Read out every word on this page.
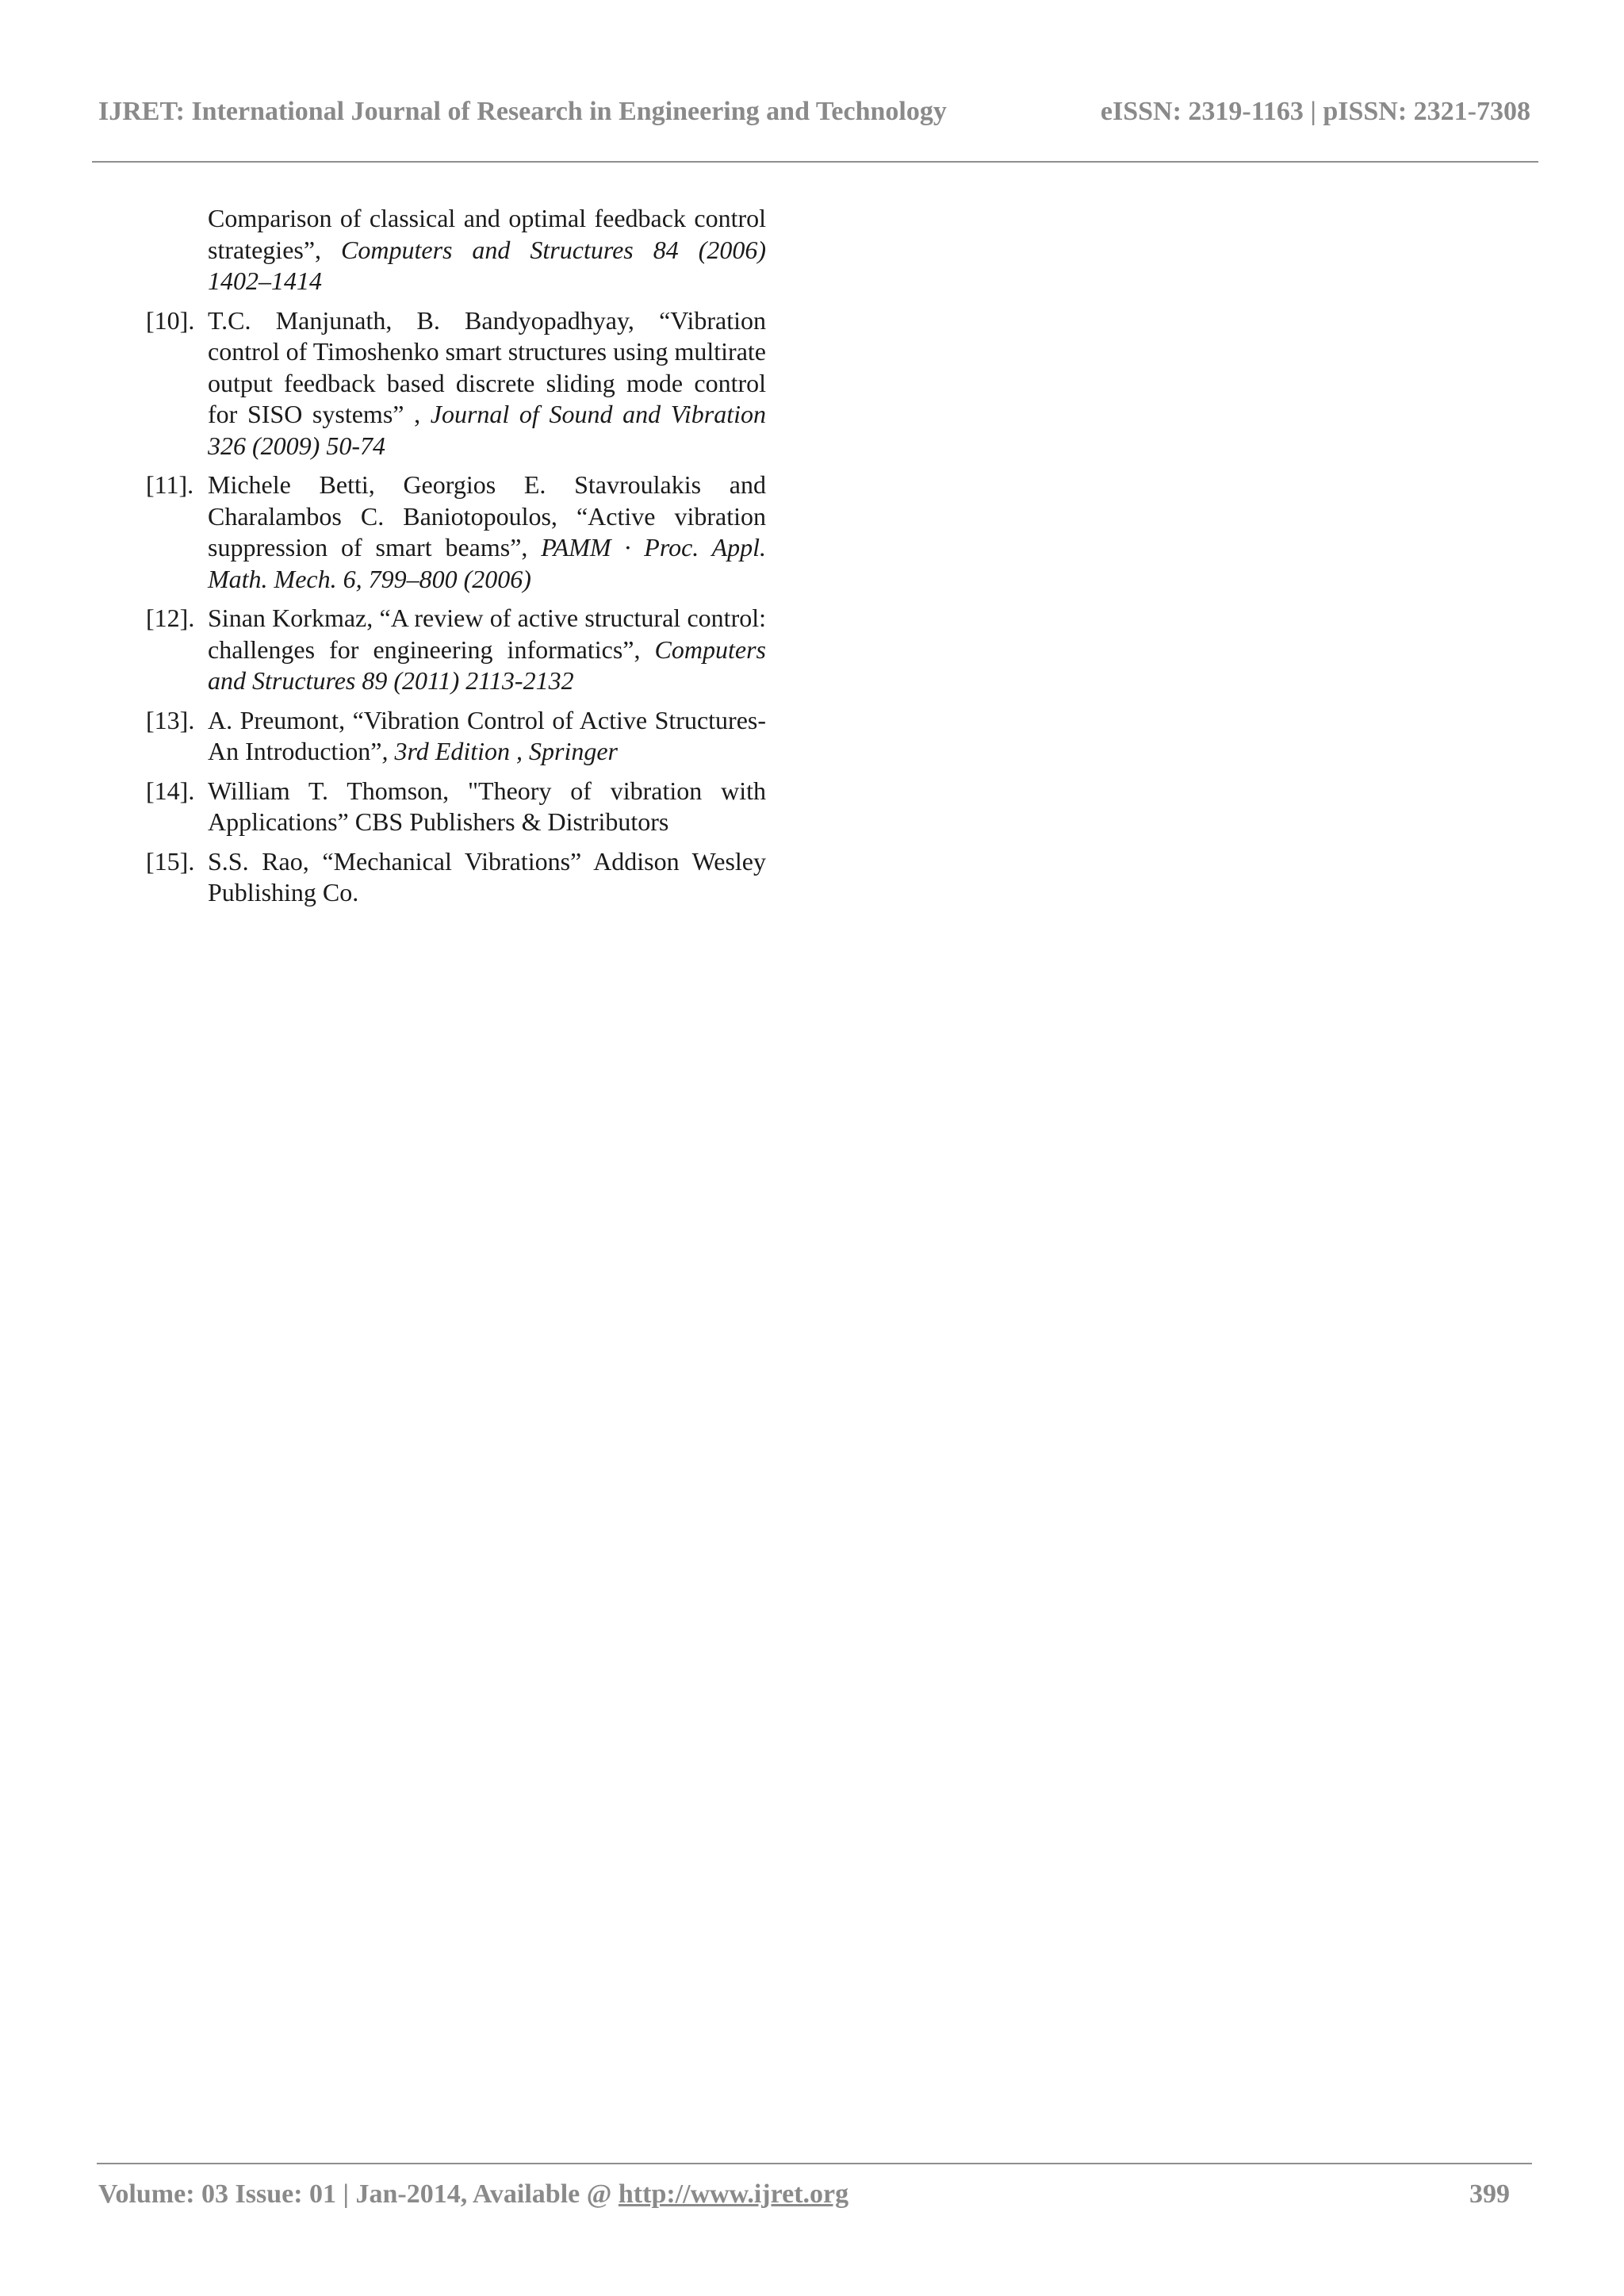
IJRET: International Journal of Research in Engineering and Technology	eISSN: 2319-1163 | pISSN: 2321-7308
Comparison of classical and optimal feedback control strategies”, Computers and Structures 84 (2006) 1402–1414
[10]. T.C. Manjunath, B. Bandyopadhyay, “Vibration control of Timoshenko smart structures using multirate output feedback based discrete sliding mode control for SISO systems” , Journal of Sound and Vibration 326 (2009) 50-74
[11]. Michele Betti, Georgios E. Stavroulakis and Charalambos C. Baniotopoulos, “Active vibration suppression of smart beams”, PAMM · Proc. Appl. Math. Mech. 6, 799–800 (2006)
[12]. Sinan Korkmaz, “A review of active structural control: challenges for engineering informatics”, Computers and Structures 89 (2011) 2113-2132
[13]. A. Preumont, “Vibration Control of Active Structures-An Introduction”, 3rd Edition , Springer
[14]. William T. Thomson, "Theory of vibration with Applications” CBS Publishers & Distributors
[15]. S.S. Rao, “Mechanical Vibrations” Addison Wesley Publishing Co.
Volume: 03 Issue: 01 | Jan-2014, Available @ http://www.ijret.org	399
